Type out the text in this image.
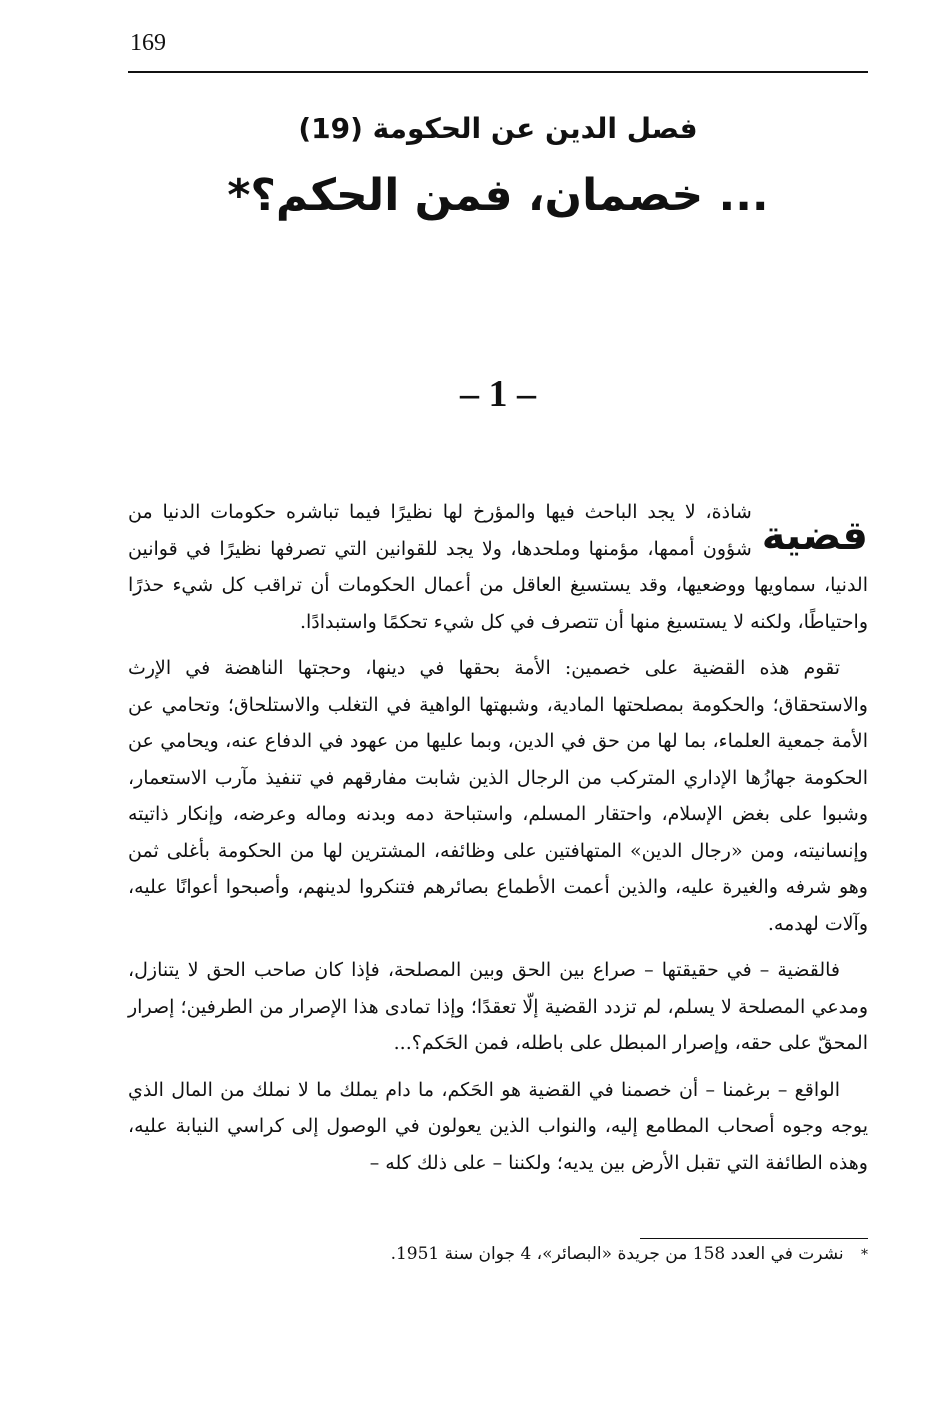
169
فصل الدين عن الحكومة (19)
... خصمان، فمن الحكم؟*
– 1 –

قضية
شاذة، لا يجد الباحث فيها والمؤرخ لها نظيرًا فيما تباشره حكومات الدنيا من شؤون أممها، مؤمنها وملحدها، ولا يجد للقوانين التي تصرفها نظيرًا في قوانين الدنيا، سماويها ووضعيها، وقد يستسيغ العاقل من أعمال الحكومات أن تراقب كل شيء حذرًا واحتياطًا، ولكنه لا يستسيغ منها أن تتصرف في كل شيء تحكمًا واستبدادًا.

تقوم هذه القضية على خصمين: الأمة بحقها في دينها، وحجتها الناهضة في الإرث والاستحقاق؛ والحكومة بمصلحتها المادية، وشبهتها الواهية في التغلب والاستلحاق؛ وتحامي عن الأمة جمعية العلماء، بما لها من حق في الدين، وبما عليها من عهود في الدفاع عنه، ويحامي عن الحكومة جهازُها الإداري المتركب من الرجال الذين شابت مفارقهم في تنفيذ مآرب الاستعمار، وشبوا على بغض الإسلام، واحتقار المسلم، واستباحة دمه وبدنه وماله وعرضه، وإنكار ذاتيته وإنسانيته، ومن «رجال الدين» المتهافتين على وظائفه، المشترين لها من الحكومة بأغلى ثمن وهو شرفه والغيرة عليه، والذين أعمت الأطماع بصائرهم فتنكروا لدينهم، وأصبحوا أعوانًا عليه، وآلات لهدمه.

فالقضية – في حقيقتها – صراع بين الحق وبين المصلحة، فإذا كان صاحب الحق لا يتنازل، ومدعي المصلحة لا يسلم، لم تزدد القضية إلّا تعقدًا؛ وإذا تمادى هذا الإصرار من الطرفين؛ إصرار المحقّ على حقه، وإصرار المبطل على باطله، فمن الحَكم؟...

الواقع – برغمنا – أن خصمنا في القضية هو الحَكم، ما دام يملك ما لا نملك من المال الذي يوجه وجوه أصحاب المطامع إليه، والنواب الذين يعولون في الوصول إلى كراسي النيابة عليه، وهذه الطائفة التي تقبل الأرض بين يديه؛ ولكننا – على ذلك كله –

* نشرت في العدد 158 من جريدة «البصائر»، 4 جوان سنة 1951.
